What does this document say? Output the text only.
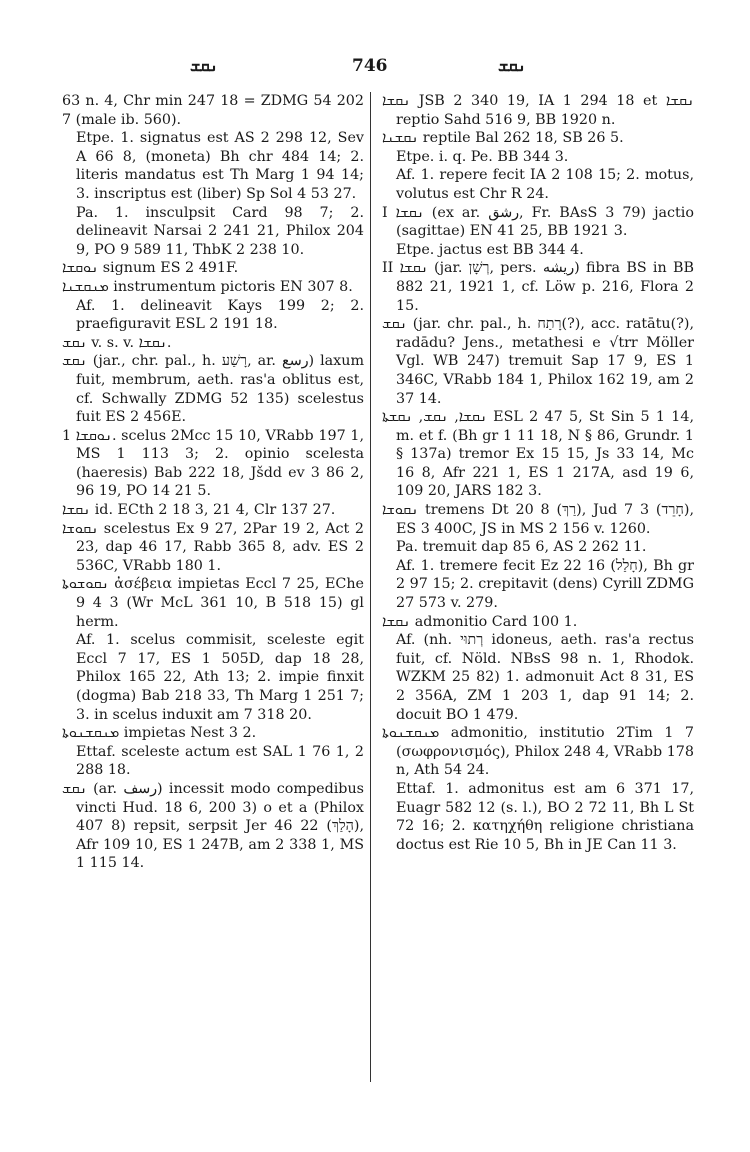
ܢܩܫ	746	ܢܩܫ

63 n. 4, Chr min 247 18 = ZDMG 54 202 7 (male ib. 560).

Etpe. 1. signatus est AS 2 298 12, Sev A 66 8, (moneta) Bh chr 484 14; 2. literis mandatus est Th Marg 1 94 14; 3. inscriptus est (liber) Sp Sol 4 53 27.

Pa. 1. insculpsit Card 98 7; 2. delineavit Narsai 2 241 21, Philox 204 9, PO 9 589 11, ThbK 2 238 10.

ܢܘܩܫܐ signum ES 2 491F.

ܡܢܩܫܢܐ instrumentum pictoris EN 307 8.

Af. 1. delineavit Kays 199 2; 2. praefiguravit ESL 2 191 18.

ܢܩܫ v. s. v. ܢܩܫܐ.

ܢܩܫ (jar., chr. pal., h. רָשַׁע, ar. رسع) laxum fuit, membrum, aeth. ras'a oblitus est, cf. Schwally ZDMG 52 135) scelestus fuit ES 2 456E.

ܢܘܩܫܐ 1. scelus 2Mcc 15 10, VRabb 197 1, MS 1 113 3; 2. opinio scelesta (haeresis) Bab 222 18, Jšdd ev 3 86 2, 96 19, PO 14 21 5.

ܢܩܫܐ id. ECth 2 18 3, 21 4, Clr 137 27.

ܢܩܘܫܐ scelestus Ex 9 27, 2Par 19 2, Act 2 23, dap 46 17, Rabb 365 8, adv. ES 2 536C, VRabb 180 1.

ܢܩܘܫܘܬܐ ἀσέβεια impietas Eccl 7 25, EChe 9 4 3 (Wr McL 361 10, B 518 15) gl herm.

Af. 1. scelus commisit, sceleste egit Eccl 7 17, ES 1 505D, dap 18 28, Philox 165 22, Ath 13; 2. impie finxit (dogma) Bab 218 33, Th Marg 1 251 7; 3. in scelus induxit am 7 318 20.

ܡܢܩܫܢܘܬܐ impietas Nest 3 2.

Ettaf. sceleste actum est SAL 1 76 1, 2 288 18.

ܢܩܫ (ar. رسف) incessit modo compedibus vincti Hud. 18 6, 200 3) o et a (Philox 407 8) repsit, serpsit Jer 46 22 (הָלַךְ), Afr 109 10, ES 1 247B, am 2 338 1, MS 1 115 14.

ܢܩܫܐ JSB 2 340 19, IA 1 294 18 et ܢܩܫܐ reptio Sahd 516 9, BB 1920 n.

ܢܩܫܢܐ reptile Bal 262 18, SB 26 5.

Etpe. i. q. Pe. BB 344 3.

Af. 1. repere fecit IA 2 108 15; 2. motus, volutus est Chr R 24.

I ܢܩܫܐ (ex ar. رشق, Fr. BAsS 3 79) jactio (sagittae) EN 41 25, BB 1921 3.

Etpe. jactus est BB 344 4.

II ܢܩܫܐ (jar. רְשָׁן, pers. ریشه) fibra BS in BB 882 21, 1921 1, cf. Löw p. 216, Flora 2 15.

ܢܩܫ (jar. chr. pal., h. רָתַח(?), acc. ratātu(?), radādu? Jens., metathesi e √trr Möller Vgl. WB 247) tremuit Sap 17 9, ES 1 346C, VRabb 184 1, Philox 162 19, am 2 37 14.

ܢܩܫܐ, ܢܩܫ, ܢܩܫܬܐ ESL 2 47 5, St Sin 5 1 14, m. et f. (Bh gr 1 11 18, N § 86, Grundr. 1 § 137a) tremor Ex 15 15, Js 33 14, Mc 16 8, Afr 221 1, ES 1 217A, asd 19 6, 109 20, JARS 182 3.

ܢܩܘܫܐ tremens Dt 20 8 (רַךְ), Jud 7 3 (חָרֵד), ES 3 400C, JS in MS 2 156 v. 1260.

Pa. tremuit dap 85 6, AS 2 262 11.

Af. 1. tremere fecit Ez 22 16 (חָלַל), Bh gr 2 97 15; 2. crepitavit (dens) Cyrill ZDMG 27 573 v. 279.

ܢܩܫܐ admonitio Card 100 1.

Af. (nh. רְתוּי idoneus, aeth. ras'a rectus fuit, cf. Nöld. NBsS 98 n. 1, Rhodok. WZKM 25 82) 1. admonuit Act 8 31, ES 2 356A, ZM 1 203 1, dap 91 14; 2. docuit BO 1 479.

ܡܢܩܫܢܘܬܐ admonitio, institutio 2Tim 1 7 (σωφρονισμός), Philox 248 4, VRabb 178 n, Ath 54 24.

Ettaf. 1. admonitus est am 6 371 17, Euagr 582 12 (s. l.), BO 2 72 11, Bh L St 72 16; 2. κατηχήθη religione christiana doctus est Rie 10 5, Bh in JE Can 11 3.
